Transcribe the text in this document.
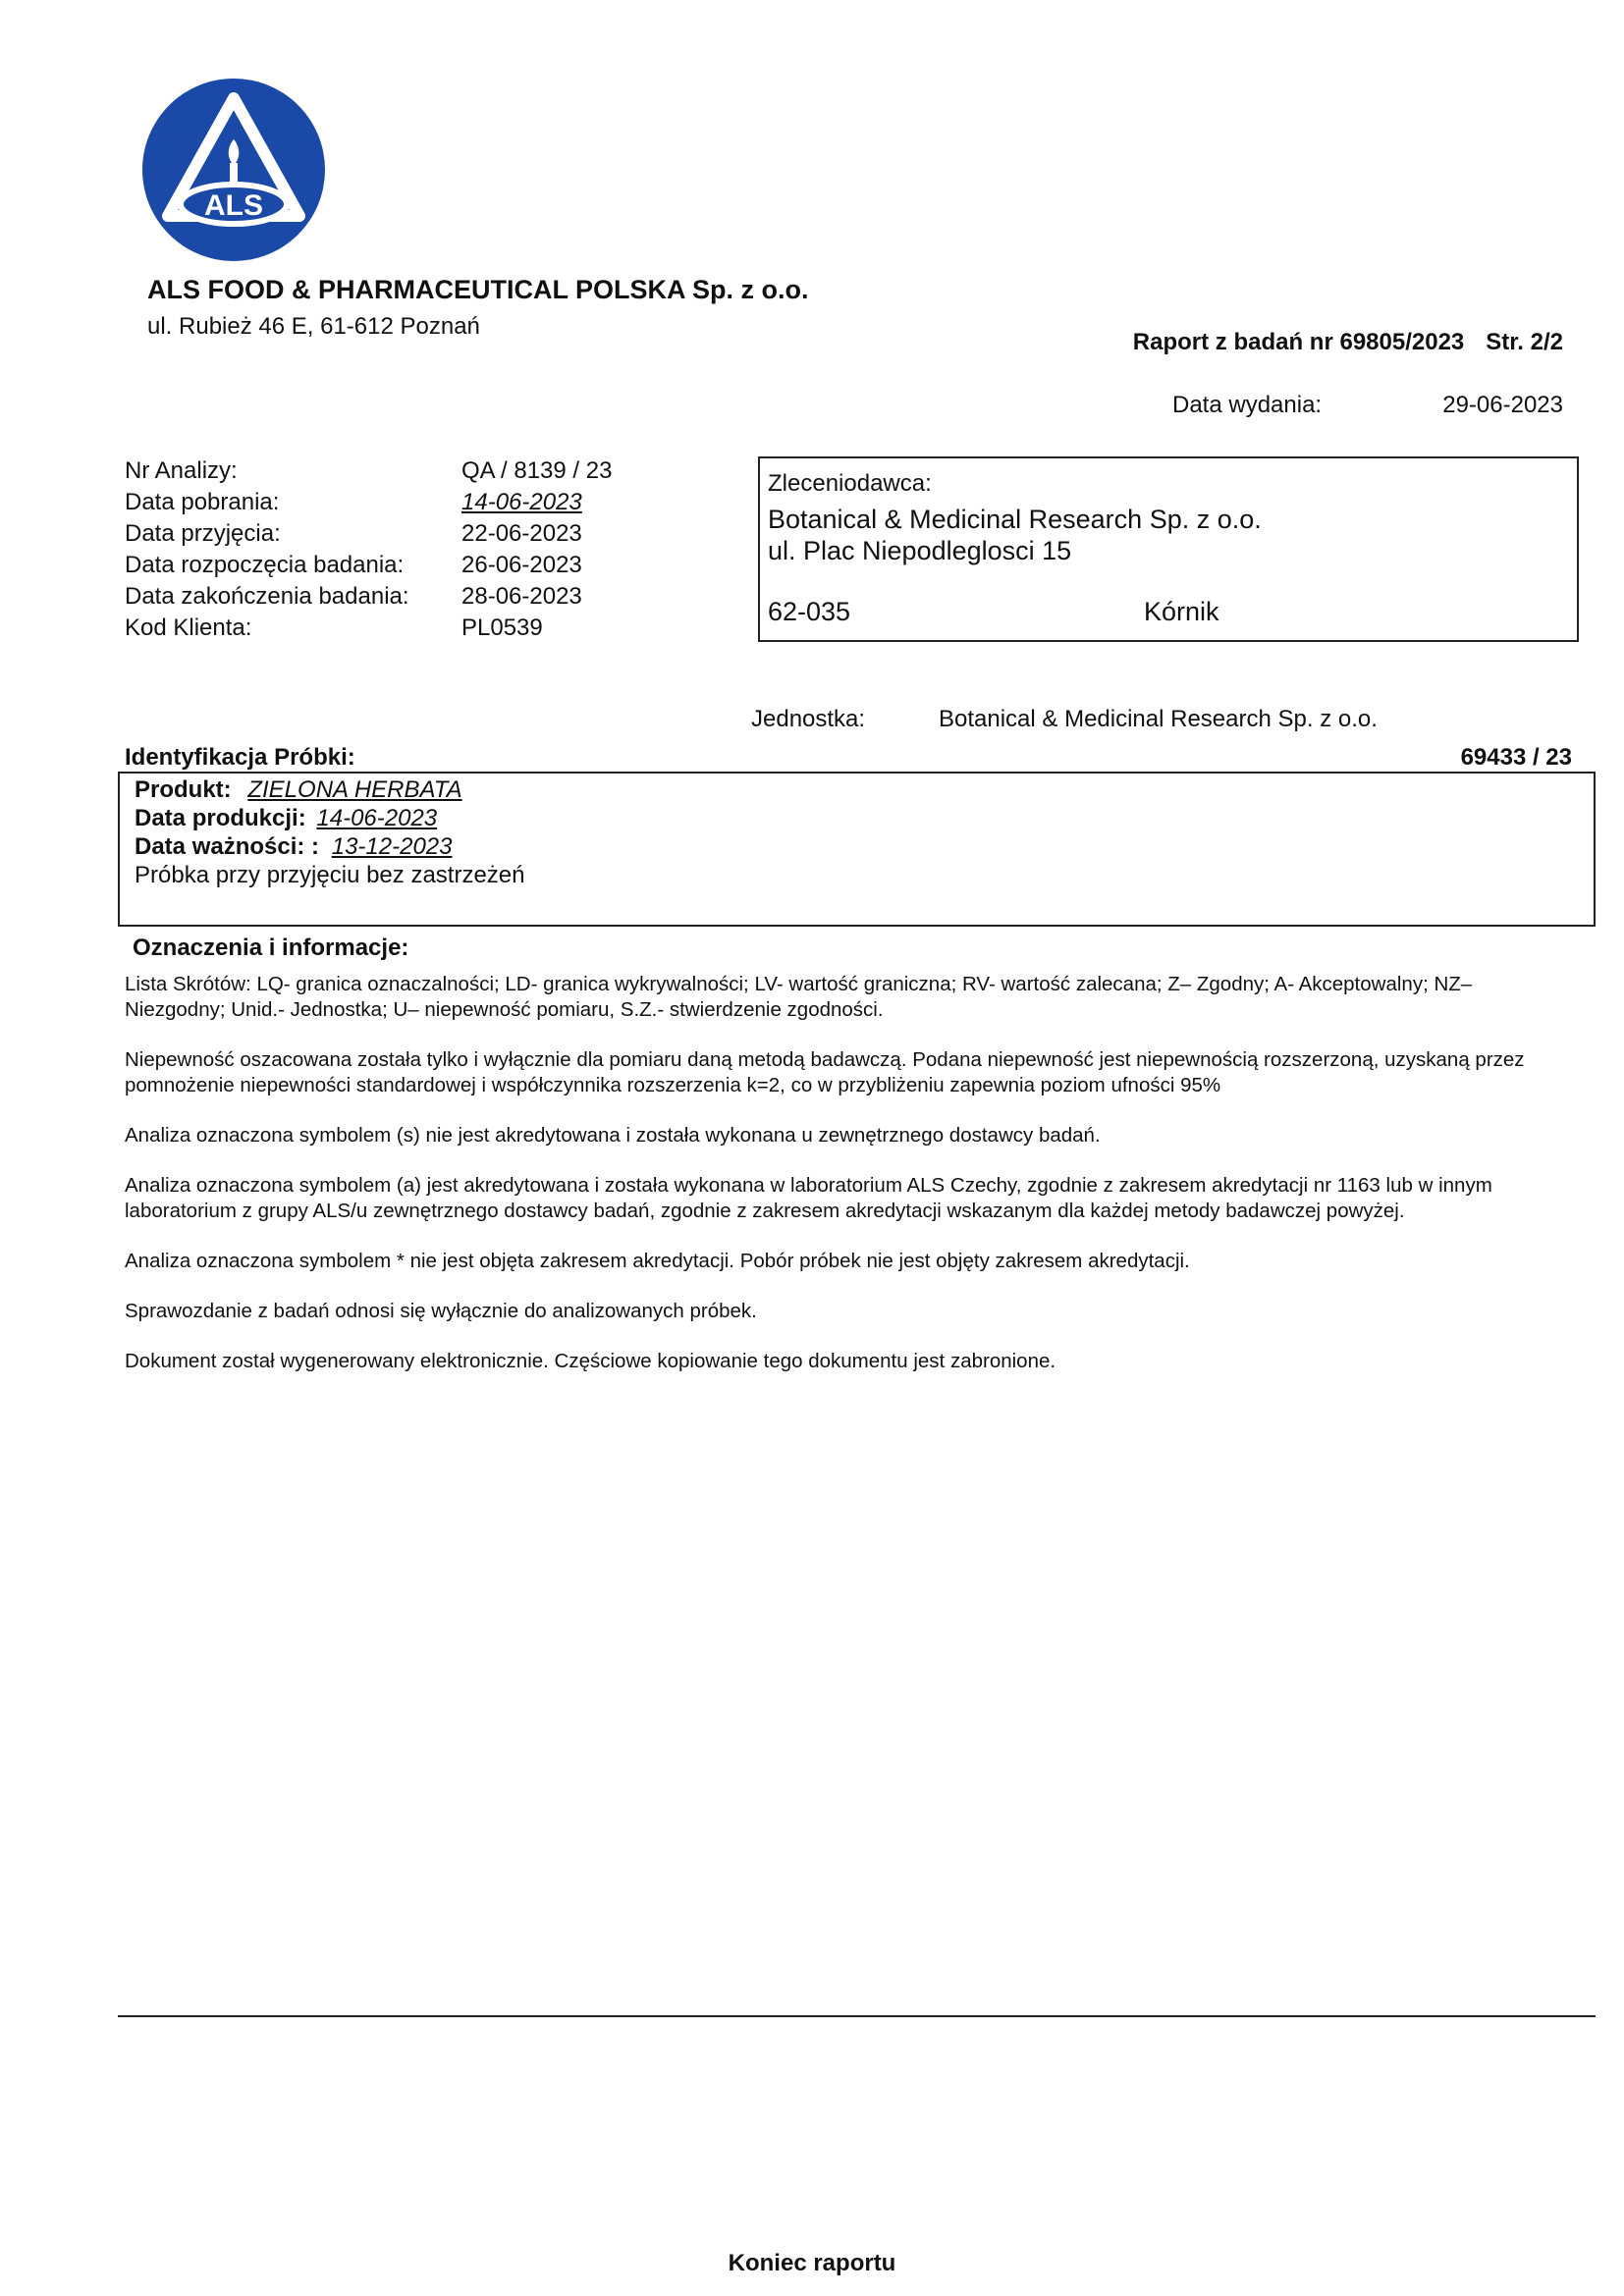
ALS
ALS FOOD & PHARMACEUTICAL POLSKA Sp. z o.o.
ul. Rubież 46 E, 61-612 Poznań
Raport z badań nr 69805/2023 Str. 2/2
Data wydania:	29-06-2023
Nr Analizy:	QA / 8139 / 23
Data pobrania:	14-06-2023
Data przyjęcia:	22-06-2023
Data rozpoczęcia badania:	26-06-2023
Data zakończenia badania:	28-06-2023
Kod Klienta:	PL0539
Zleceniodawca:
Botanical & Medicinal Research Sp. z o.o.
ul. Plac Niepodleglosci 15
62-035	Kórnik
Jednostka:	Botanical & Medicinal Research Sp. z o.o.
Identyfikacja Próbki:	69433 / 23
Produkt: ZIELONA HERBATA
Data produkcji: 14-06-2023
Data ważności: : 13-12-2023
Próbka przy przyjęciu bez zastrzeżeń
Oznaczenia i informacje:

Lista Skrótów: LQ- granica oznaczalności; LD- granica wykrywalności; LV- wartość graniczna; RV- wartość zalecana; Z– Zgodny; A- Akceptowalny; NZ– Niezgodny; Unid.- Jednostka; U– niepewność pomiaru, S.Z.- stwierdzenie zgodności.

Niepewność oszacowana została tylko i wyłącznie dla pomiaru daną metodą badawczą. Podana niepewność jest niepewnością rozszerzoną, uzyskaną przez pomnożenie niepewności standardowej i współczynnika rozszerzenia k=2, co w przybliżeniu zapewnia poziom ufności 95%

Analiza oznaczona symbolem (s) nie jest akredytowana i została wykonana u zewnętrznego dostawcy badań.

Analiza oznaczona symbolem (a) jest akredytowana i została wykonana w laboratorium ALS Czechy, zgodnie z zakresem akredytacji nr 1163 lub w innym laboratorium z grupy ALS/u zewnętrznego dostawcy badań, zgodnie z zakresem akredytacji wskazanym dla każdej metody badawczej powyżej.

Analiza oznaczona symbolem * nie jest objęta zakresem akredytacji. Pobór próbek nie jest objęty zakresem akredytacji.

Sprawozdanie z badań odnosi się wyłącznie do analizowanych próbek.

Dokument został wygenerowany elektronicznie. Częściowe kopiowanie tego dokumentu jest zabronione.

Koniec raportu
